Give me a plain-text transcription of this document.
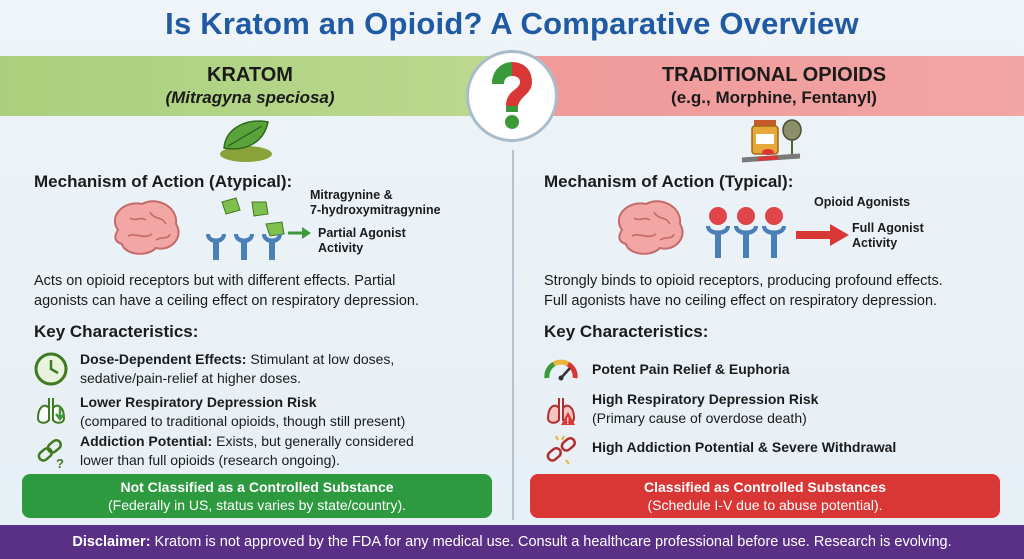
Is Kratom an Opioid? A Comparative Overview
KRATOM
(Mitragyna speciosa)
TRADITIONAL OPIOIDS
(e.g., Morphine, Fentanyl)
Mechanism of Action (Atypical):
Mitragynine &
7-hydroxymitragynine
Partial Agonist
Activity
Acts on opioid receptors but with different effects. Partial
agonists can have a ceiling effect on respiratory depression.
Key Characteristics:
Dose-Dependent Effects: Stimulant at low doses,
sedative/pain-relief at higher doses.
Lower Respiratory Depression Risk
(compared to traditional opioids, though still present)
?
Addiction Potential: Exists, but generally considered
lower than full opioids (research ongoing).
Not Classified as a Controlled Substance
(Federally in US, status varies by state/country).
Mechanism of Action (Typical):
Opioid Agonists
Full Agonist
Activity
Strongly binds to opioid receptors, producing profound effects.
Full agonists have no ceiling effect on respiratory depression.
Key Characteristics:
Potent Pain Relief & Euphoria
!
High Respiratory Depression Risk
(Primary cause of overdose death)
High Addiction Potential & Severe Withdrawal
Classified as Controlled Substances
(Schedule I-V due to abuse potential).
Disclaimer: Kratom is not approved by the FDA for any medical use. Consult a healthcare professional before use. Research is evolving.
